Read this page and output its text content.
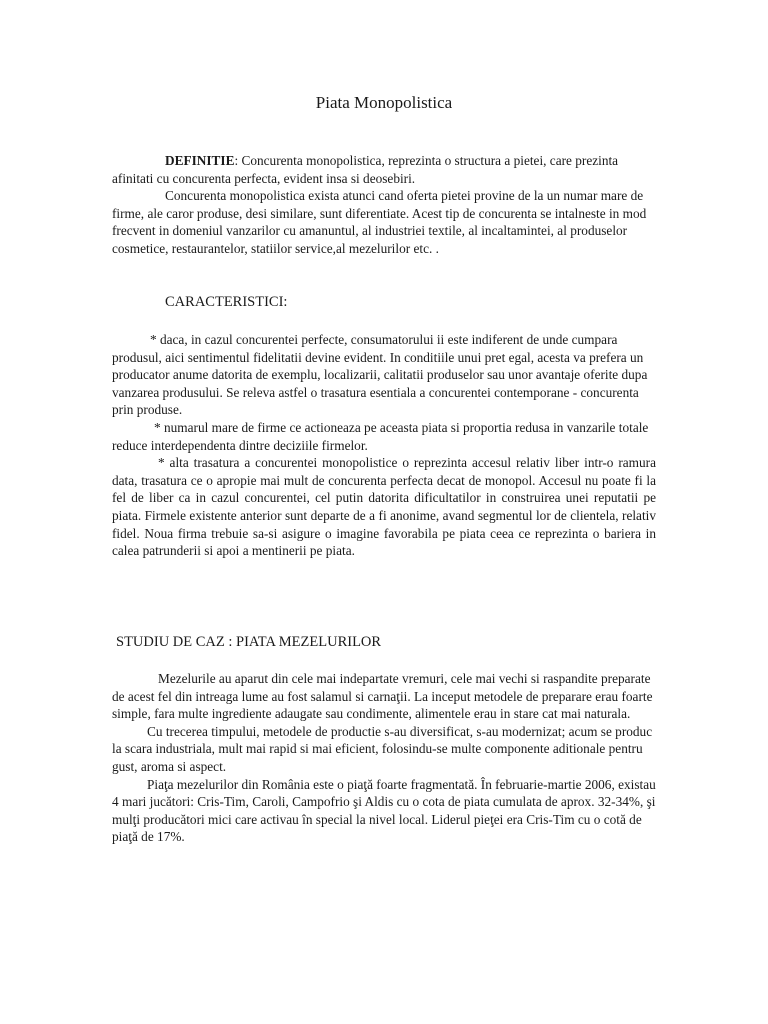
Piata Monopolistica

DEFINITIE: Concurenta monopolistica, reprezinta o structura a pietei, care prezinta afinitati cu concurenta perfecta, evident insa si deosebiri.

Concurenta monopolistica exista atunci cand oferta pietei provine de la un numar mare de firme, ale caror produse, desi similare, sunt diferentiate. Acest tip de concurenta se intalneste in mod frecvent in domeniul vanzarilor cu amanuntul, al industriei textile, al incaltamintei, al produselor cosmetice, restaurantelor, statiilor service,al mezelurilor etc. .

CARACTERISTICI:

* daca, in cazul concurentei perfecte, consumatorului ii este indiferent de unde cumpara produsul, aici sentimentul fidelitatii devine evident. In conditiile unui pret egal, acesta va prefera un producator anume datorita de exemplu, localizarii, calitatii produselor sau unor avantaje oferite dupa vanzarea produsului. Se releva astfel o trasatura esentiala a concurentei contemporane - concurenta prin produse.

* numarul mare de firme ce actioneaza pe aceasta piata si proportia redusa in vanzarile totale reduce interdependenta dintre deciziile firmelor.

* alta trasatura a concurentei monopolistice o reprezinta accesul relativ liber intr-o ramura data, trasatura ce o apropie mai mult de concurenta perfecta decat de monopol. Accesul nu poate fi la fel de liber ca in cazul concurentei, cel putin datorita dificultatilor in construirea unei reputatii pe piata. Firmele existente anterior sunt departe de a fi anonime, avand segmentul lor de clientela, relativ fidel. Noua firma trebuie sa-si asigure o imagine favorabila pe piata ceea ce reprezinta o bariera in calea patrunderii si apoi a mentinerii pe piata.

STUDIU DE CAZ : PIATA MEZELURILOR

Mezelurile au aparut din cele mai indepartate vremuri, cele mai vechi si raspandite preparate de acest fel din intreaga lume au fost salamul si carnaţii. La inceput metodele de preparare erau foarte simple, fara multe ingrediente adaugate sau condimente, alimentele erau in stare cat mai naturala.

Cu trecerea timpului, metodele de productie s-au diversificat, s-au modernizat; acum se produc la scara industriala, mult mai rapid si mai eficient, folosindu-se multe componente aditionale pentru gust, aroma si aspect.

Piaţa mezelurilor din România este o piaţă foarte fragmentată. În februarie-martie 2006, existau 4 mari jucători: Cris-Tim, Caroli, Campofrio şi Aldis cu o cota de piata cumulata de aprox. 32-34%, şi mulţi producători mici care activau în special la nivel local. Liderul pieţei era Cris-Tim cu o cotă de piaţă de 17%.
